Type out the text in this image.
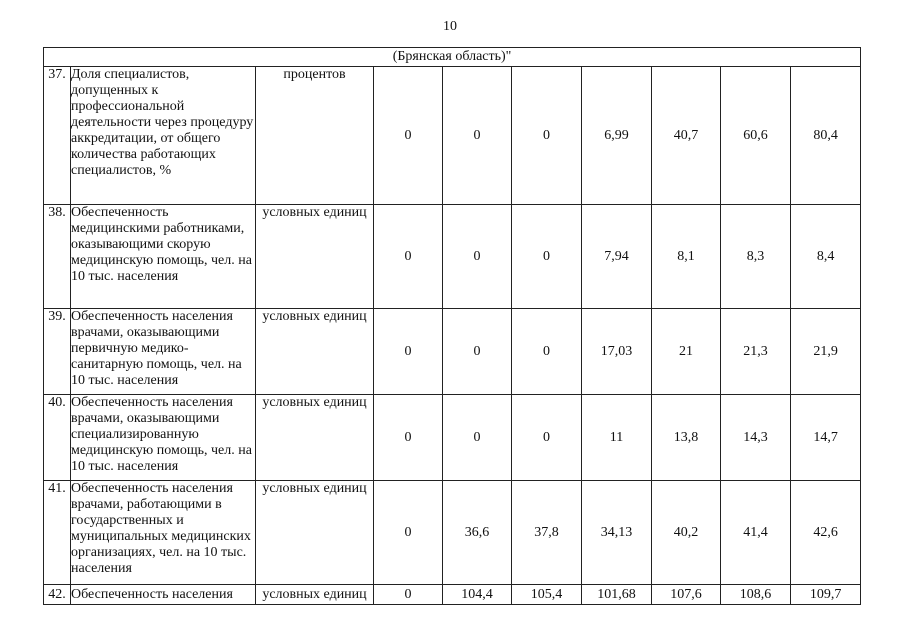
10
(Брянская область)"									
37.	Доля специалистов, допущенных к профессиональной деятельности через процедуру аккредитации, от общего количества работающих специалистов, %	процентов	0	0	0	6,99	40,7	60,6	80,4
38.	Обеспеченность медицинскими работниками, оказывающими скорую медицинскую помощь, чел. на 10 тыс. населения	условных единиц	0	0	0	7,94	8,1	8,3	8,4
39.	Обеспеченность населения врачами, оказывающими первичную медико-санитарную помощь, чел. на 10 тыс. населения	условных единиц	0	0	0	17,03	21	21,3	21,9
40.	Обеспеченность населения врачами, оказывающими специализированную медицинскую помощь, чел. на 10 тыс. населения	условных единиц	0	0	0	11	13,8	14,3	14,7
41.	Обеспеченность населения врачами, работающими в государственных и муниципальных медицинских организациях, чел. на 10 тыс. населения	условных единиц	0	36,6	37,8	34,13	40,2	41,4	42,6
42.	Обеспеченность населения	условных единиц	0	104,4	105,4	101,68	107,6	108,6	109,7
